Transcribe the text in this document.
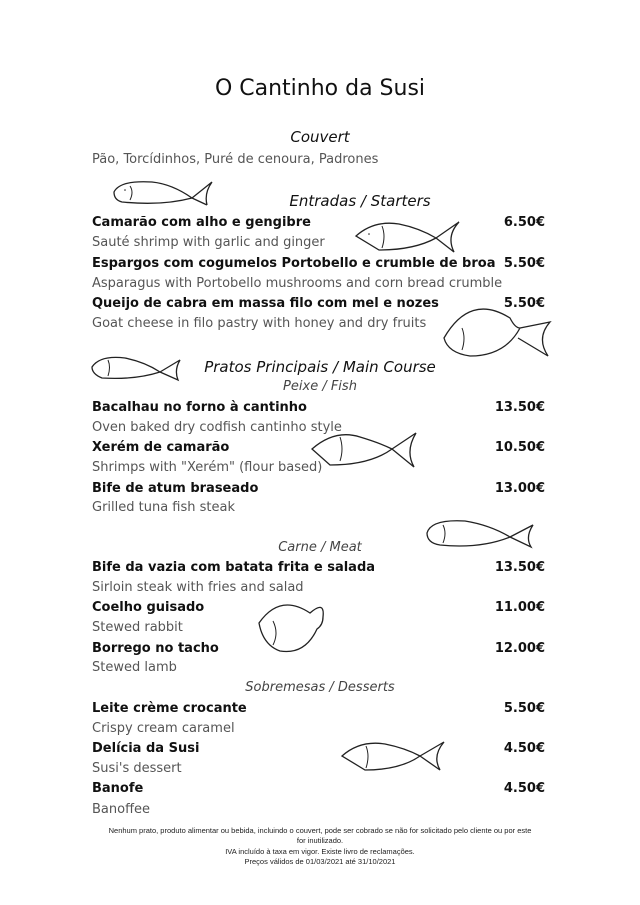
O Cantinho da Susi
Couvert
Pão, Torcídinhos, Puré de cenoura, Padrones
Entradas / Starters
Camarão com alho e gengibre	6.50€
Sauté shrimp with garlic and ginger
Espargos com cogumelos Portobello e crumble de broa 5.50€
Asparagus with Portobello mushrooms and corn bread crumble
Queijo de cabra em massa filo com mel e nozes	5.50€
Goat cheese in filo pastry with honey and dry fruits
Pratos Principais / Main Course
Peixe / Fish
Bacalhau no forno à cantinho	13.50€
Oven baked dry codfish cantinho style
Xerém de camarão	10.50€
Shrimps with "Xerém" (flour based)
Bife de atum braseado	13.00€
Grilled tuna fish steak
Carne / Meat
Bife da vazia com batata frita e salada	13.50€
Sirloin steak with fries and salad
Coelho guisado	11.00€
Stewed rabbit
Borrego no tacho	12.00€
Stewed lamb
Sobremesas / Desserts
Leite crème crocante	5.50€
Crispy cream caramel
Delícia da Susi	4.50€
Susi's dessert
Banofe	4.50€
Banoffee
Nenhum prato, produto alimentar ou bebida, incluindo o couvert, pode ser cobrado se não for solicitado pelo cliente ou por este
for inutilizado.
IVA incluído à taxa em vigor. Existe livro de reclamações.
Preços válidos de 01/03/2021 até 31/10/2021
